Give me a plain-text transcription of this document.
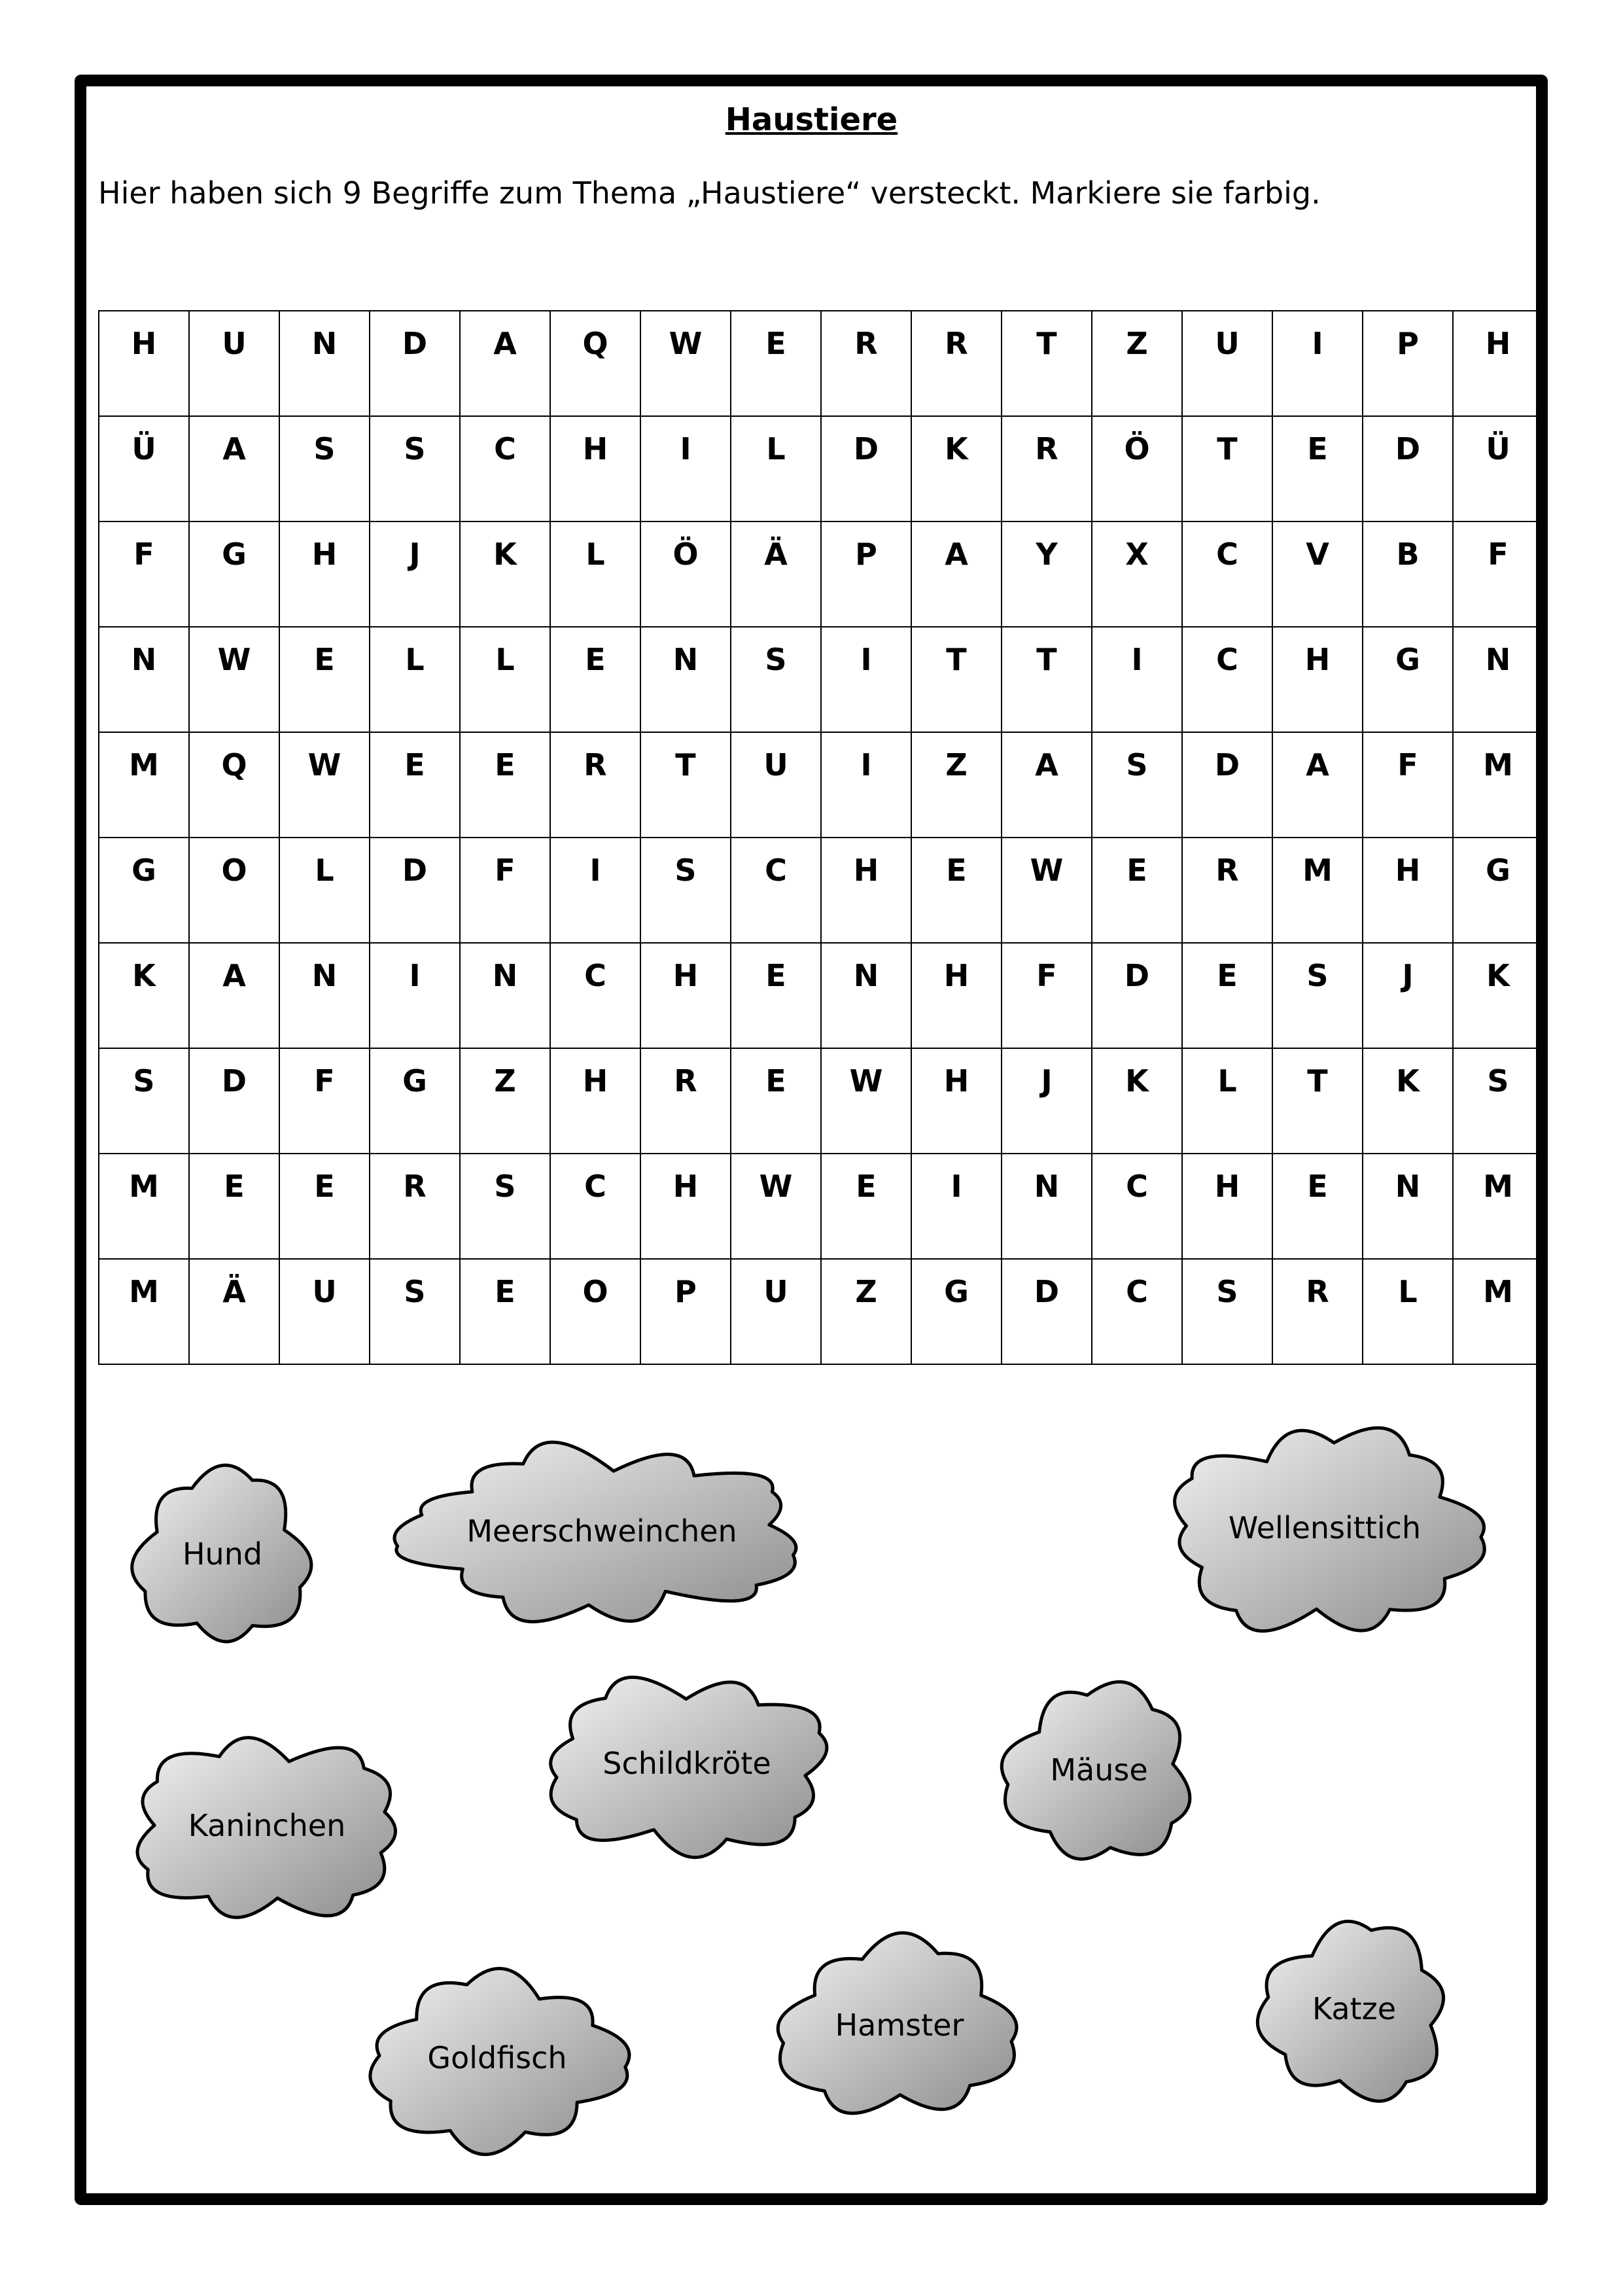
Haustiere
Hier haben sich 9 Begriffe zum Thema „Haustiere“ versteckt. Markiere sie farbig.
H	U	N	D	A	Q	W	E	R	R	T	Z	U	I	P	H
Ü	A	S	S	C	H	I	L	D	K	R	Ö	T	E	D	Ü
F	G	H	J	K	L	Ö	Ä	P	A	Y	X	C	V	B	F
N	W	E	L	L	E	N	S	I	T	T	I	C	H	G	N
M	Q	W	E	E	R	T	U	I	Z	A	S	D	A	F	M
G	O	L	D	F	I	S	C	H	E	W	E	R	M	H	G
K	A	N	I	N	C	H	E	N	H	F	D	E	S	J	K
S	D	F	G	Z	H	R	E	W	H	J	K	L	T	K	S
M	E	E	R	S	C	H	W	E	I	N	C	H	E	N	M
M	Ä	U	S	E	O	P	U	Z	G	D	C	S	R	L	M
Hund
Meerschweinchen	Wellensittich
Kaninchen
Schildkröte	Mäuse
Goldfisch
Hamster	Katze
